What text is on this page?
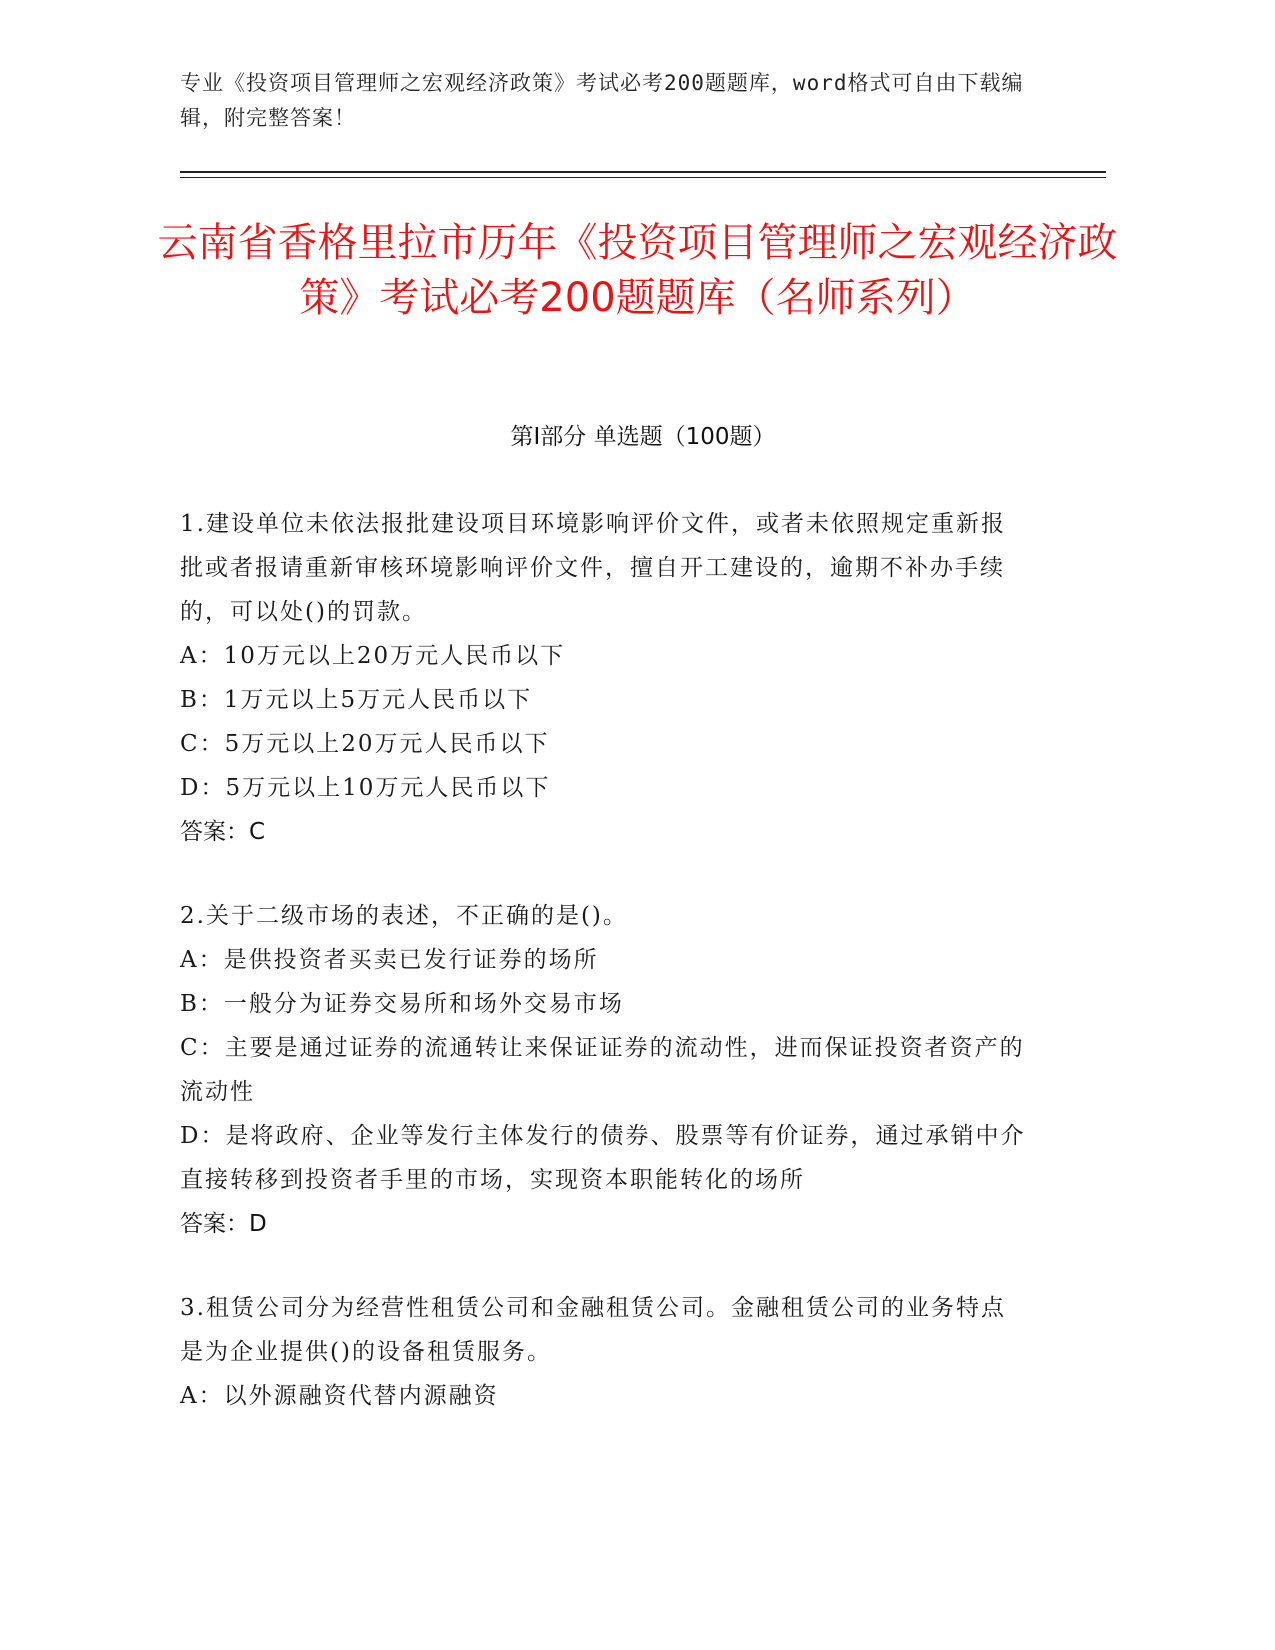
专业《投资项目管理师之宏观经济政策》考试必考200题题库，word格式可自由下载编辑，附完整答案！
云南省香格里拉市历年《投资项目管理师之宏观经济政策》考试必考200题题库（名师系列）
第I部分 单选题（100题）

1.建设单位未依法报批建设项目环境影响评价文件，或者未依照规定重新报批或者报请重新审核环境影响评价文件，擅自开工建设的，逾期不补办手续的，可以处()的罚款。

A：10万元以上20万元人民币以下

B：1万元以上5万元人民币以下

C：5万元以上20万元人民币以下

D：5万元以上10万元人民币以下

答案：C

2.关于二级市场的表述，不正确的是()。

A：是供投资者买卖已发行证券的场所

B：一般分为证券交易所和场外交易市场

C：主要是通过证券的流通转让来保证证券的流动性，进而保证投资者资产的流动性

D：是将政府、企业等发行主体发行的债券、股票等有价证券，通过承销中介直接转移到投资者手里的市场，实现资本职能转化的场所

答案：D

3.租赁公司分为经营性租赁公司和金融租赁公司。金融租赁公司的业务特点是为企业提供()的设备租赁服务。

A：以外源融资代替内源融资
